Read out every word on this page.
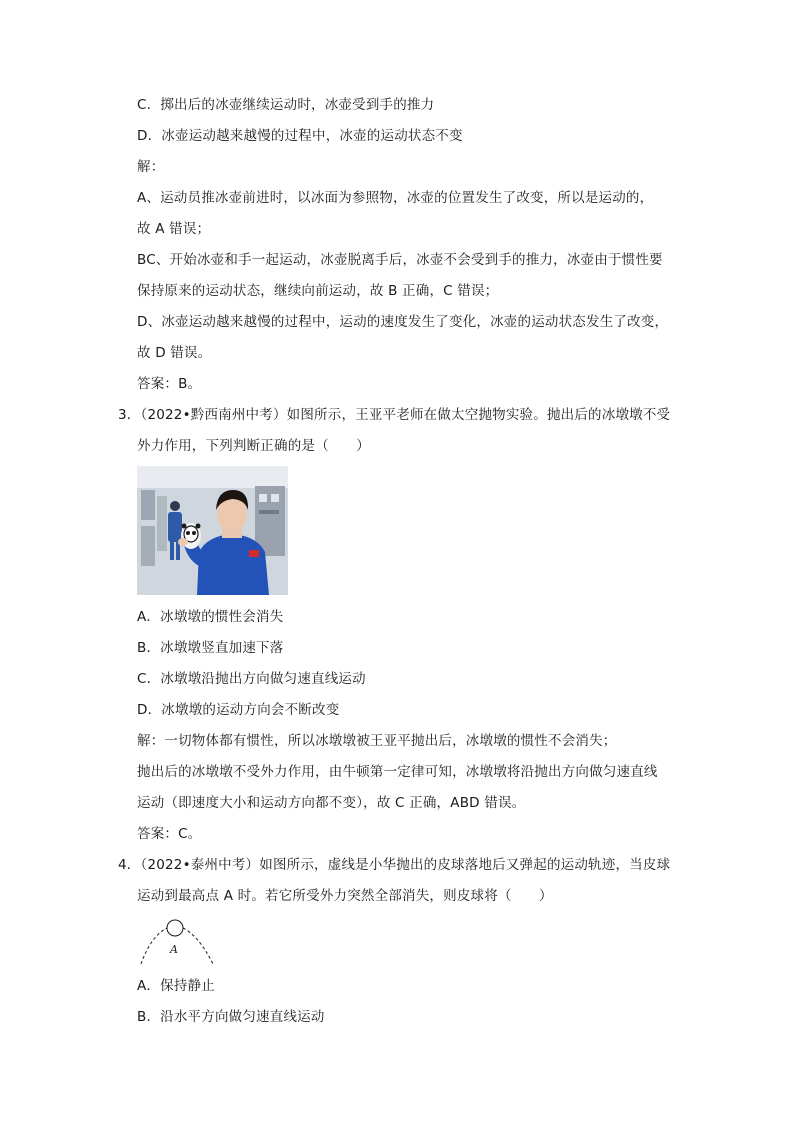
C．掷出后的冰壶继续运动时，冰壶受到手的推力
D．冰壶运动越来越慢的过程中，冰壶的运动状态不变
解：
A、运动员推冰壶前进时，以冰面为参照物，冰壶的位置发生了改变，所以是运动的，
故 A 错误；
BC、开始冰壶和手一起运动，冰壶脱离手后，冰壶不会受到手的推力，冰壶由于惯性要
保持原来的运动状态，继续向前运动，故 B 正确，C 错误；
D、冰壶运动越来越慢的过程中，运动的速度发生了变化，冰壶的运动状态发生了改变，
故 D 错误。
答案：B。
3．（2022•黔西南州中考）如图所示，王亚平老师在做太空抛物实验。抛出后的冰墩墩不受
外力作用，下列判断正确的是（　　）
A．冰墩墩的惯性会消失
B．冰墩墩竖直加速下落
C．冰墩墩沿抛出方向做匀速直线运动
D．冰墩墩的运动方向会不断改变
解：一切物体都有惯性，所以冰墩墩被王亚平抛出后，冰墩墩的惯性不会消失；
抛出后的冰墩墩不受外力作用，由牛顿第一定律可知，冰墩墩将沿抛出方向做匀速直线
运动（即速度大小和运动方向都不变），故 C 正确，ABD 错误。
答案：C。
4．（2022•泰州中考）如图所示，虚线是小华抛出的皮球落地后又弹起的运动轨迹，当皮球
运动到最高点 A 时。若它所受外力突然全部消失，则皮球将（　　）
A
A．保持静止
B．沿水平方向做匀速直线运动
